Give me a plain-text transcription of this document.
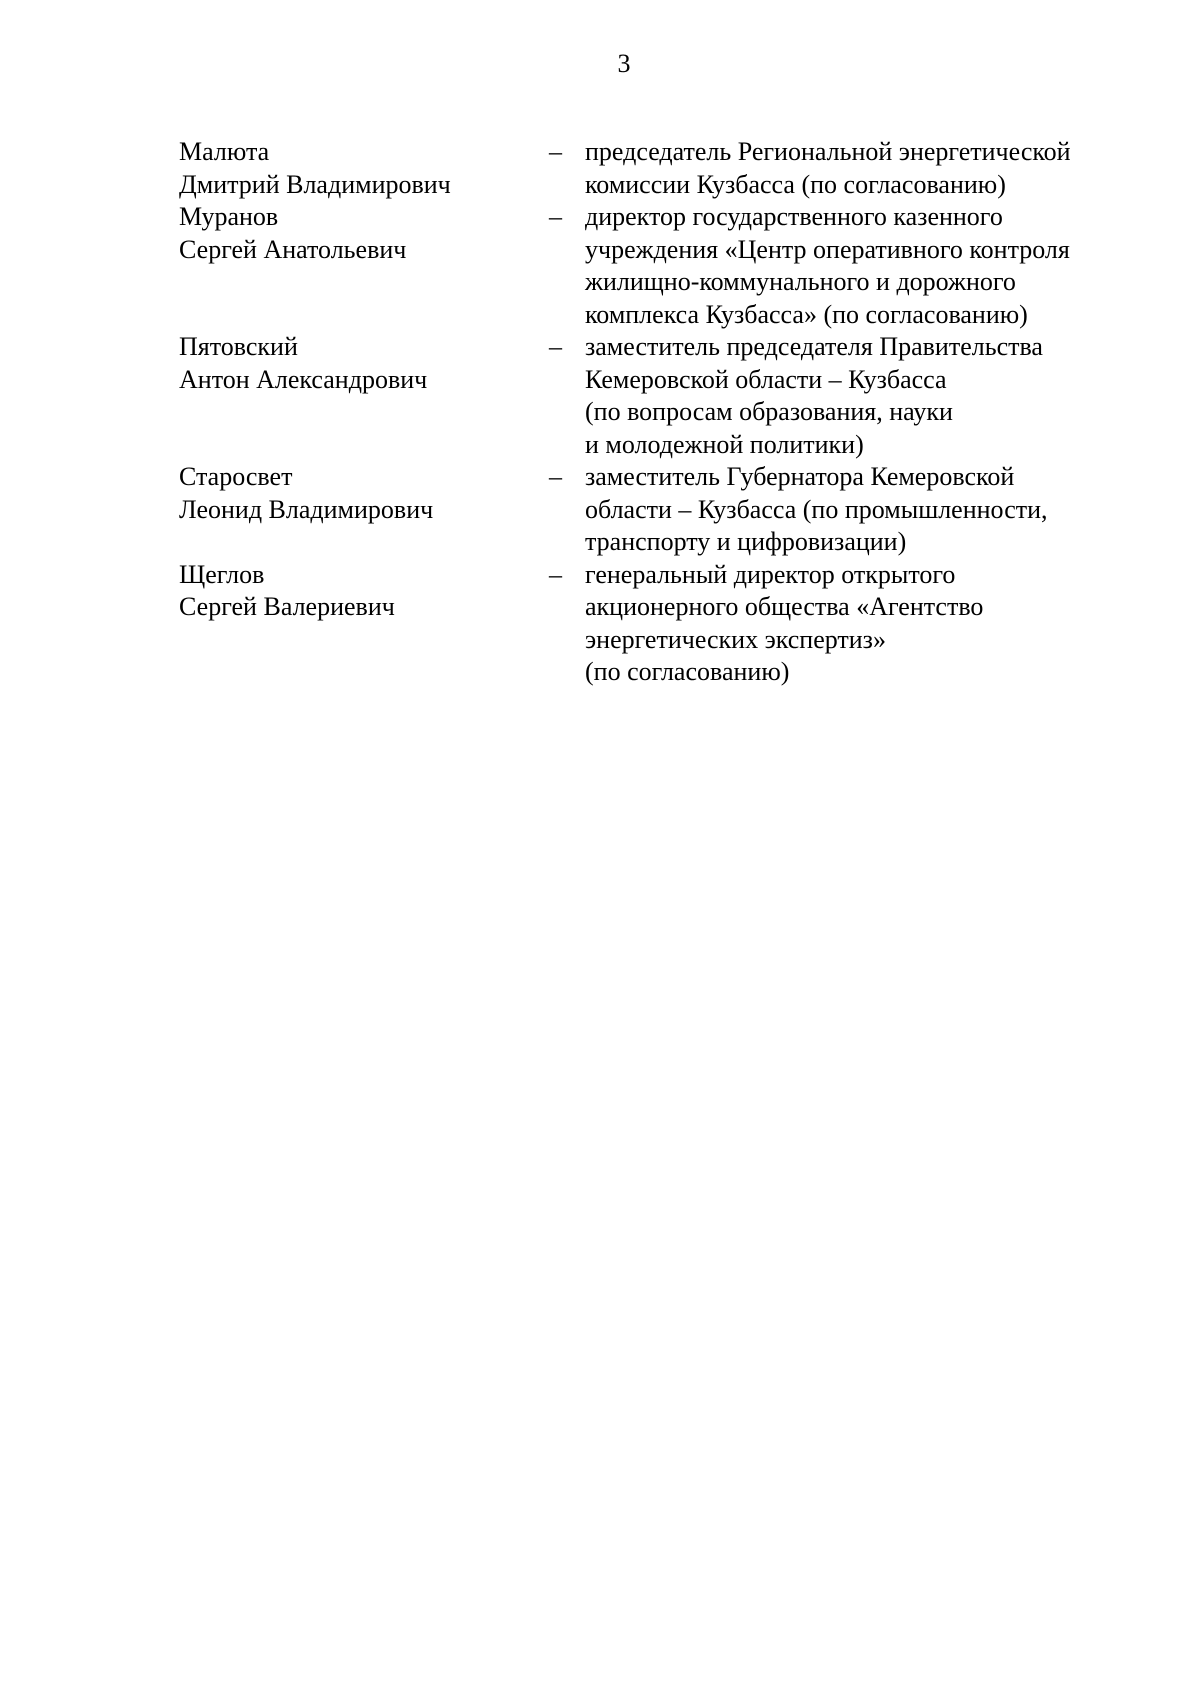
3
Малюта
Дмитрий Владимирович
– председатель Региональной энергетической
комиссии Кузбасса (по согласованию)
Муранов
Сергей Анатольевич
– директор государственного казенного
учреждения «Центр оперативного контроля
жилищно-коммунального и дорожного
комплекса Кузбасса» (по согласованию)
Пятовский
Антон Александрович
– заместитель председателя Правительства
Кемеровской области – Кузбасса
(по вопросам образования, науки
и молодежной политики)
Старосвет
Леонид Владимирович
– заместитель Губернатора Кемеровской
области – Кузбасса (по промышленности,
транспорту и цифровизации)
Щеглов
Сергей Валериевич
– генеральный директор открытого
акционерного общества «Агентство
энергетических экспертиз»
(по согласованию)
